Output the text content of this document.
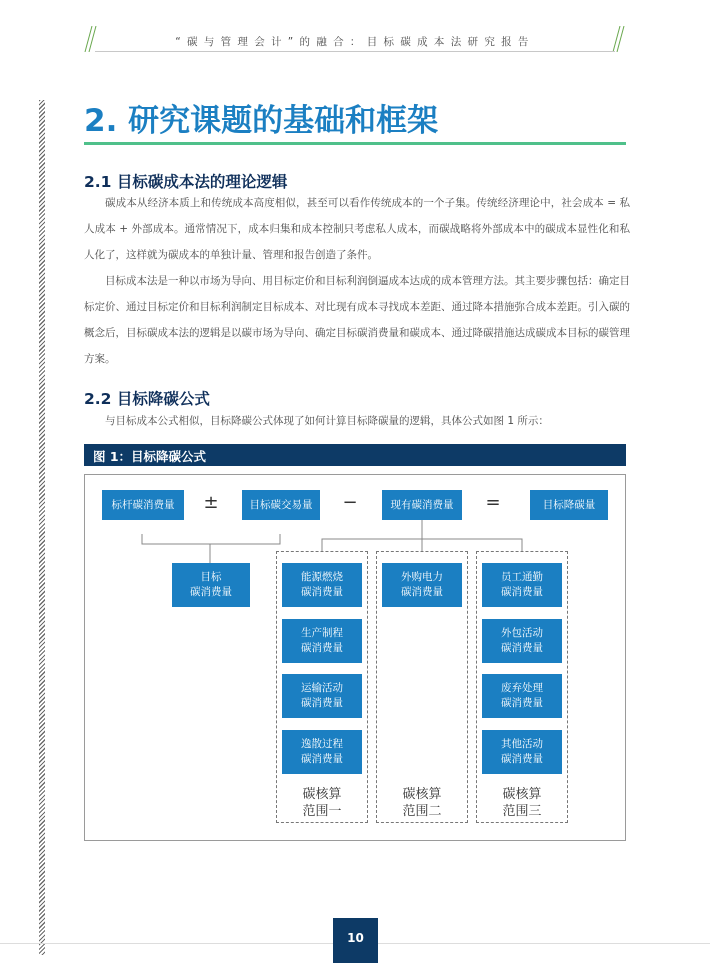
“碳与管理会计”的融合：目标碳成本法研究报告
2. 研究课题的基础和框架
2.1 目标碳成本法的理论逻辑
碳成本从经济本质上和传统成本高度相似，甚至可以看作传统成本的一个子集。传统经济理论中，社会成本 = 私人成本 + 外部成本。通常情况下，成本归集和成本控制只考虑私人成本，而碳战略将外部成本中的碳成本显性化和私人化了，这样就为碳成本的单独计量、管理和报告创造了条件。
目标成本法是一种以市场为导向、用目标定价和目标利润倒逼成本达成的成本管理方法。其主要步骤包括：确定目标定价、通过目标定价和目标利润制定目标成本、对比现有成本寻找成本差距、通过降本措施弥合成本差距。引入碳的概念后，目标碳成本法的逻辑是以碳市场为导向、确定目标碳消费量和碳成本、通过降碳措施达成碳成本目标的碳管理方案。
2.2 目标降碳公式
与目标成本公式相似，目标降碳公式体现了如何计算目标降碳量的逻辑，具体公式如图 1 所示：
图 1：目标降碳公式
标杆碳消费量	±	目标碳交易量	−	现有碳消费量	=	目标降碳量
目标
碳消费量
能源燃烧
碳消费量
生产制程
碳消费量
运输活动
碳消费量
逸散过程
碳消费量
碳核算
范围一
外购电力
碳消费量
碳核算
范围二
员工通勤
碳消费量
外包活动
碳消费量
废弃处理
碳消费量
其他活动
碳消费量
碳核算
范围三
10
